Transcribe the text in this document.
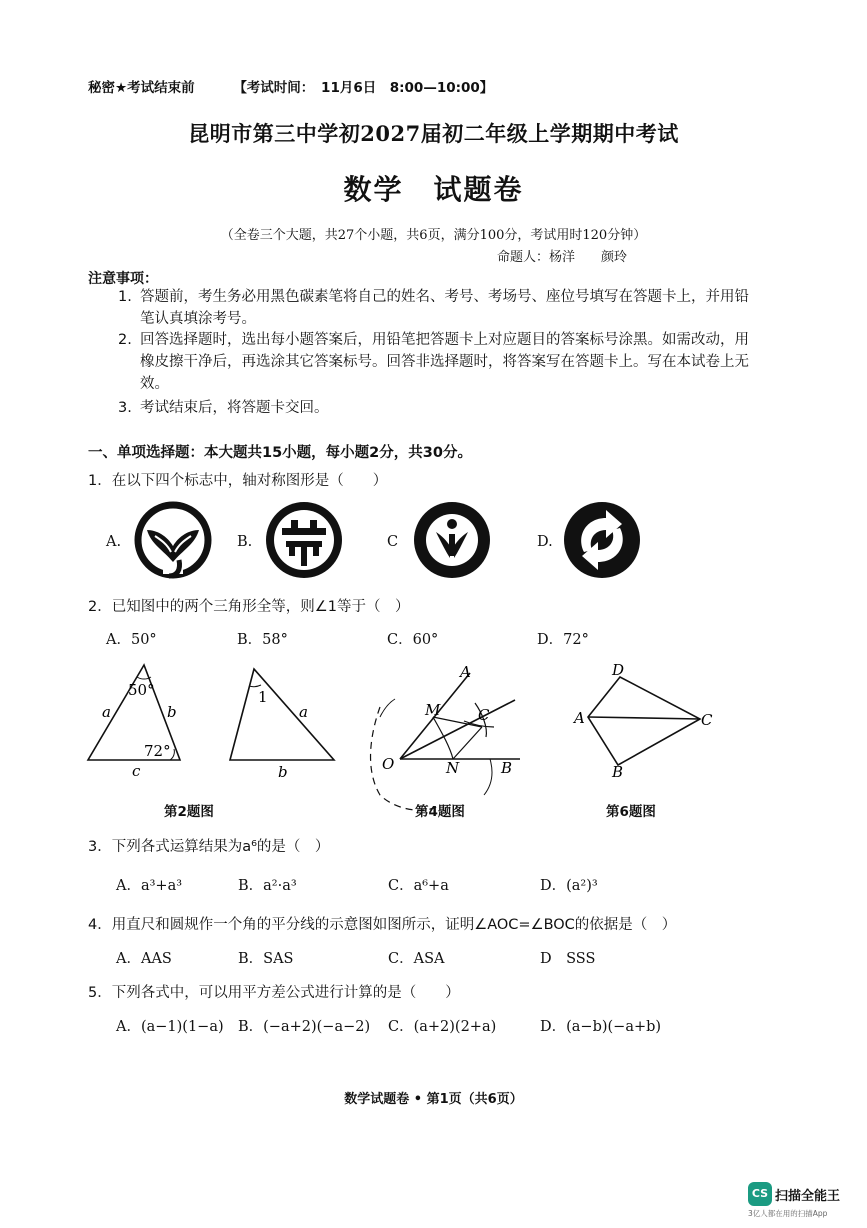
秘密★考试结束前	【考试时间：　11月6日　8:00—10:00】
昆明市第三中学初2027届初二年级上学期期中考试
数学　试题卷
（全卷三个大题，共27个小题，共6页，满分100分，考试用时120分钟）
命题人：杨洋　　颜玲
注意事项：
1. 答题前，考生务必用黑色碳素笔将自己的姓名、考号、考场号、座位号填写在答题卡上，并用铅
笔认真填涂考号。
2. 回答选择题时，选出每小题答案后，用铅笔把答题卡上对应题目的答案标号涂黑。如需改动，用
橡皮擦干净后，再选涂其它答案标号。回答非选择题时，将答案写在答题卡上。写在本试卷上无
效。
3. 考试结束后，将答题卡交回。
一、单项选择题：本大题共15小题，每小题2分，共30分。
1．在以下四个标志中，轴对称图形是（　　）
A.	B.	C	D.
2．已知图中的两个三角形全等，则∠1等于（　）
A．50°	B．58°	C．60°	D．72°
50°
72°
a	b
c
1
a
b
A
M	C
O	N	B
D
A	C
B
第2题图	第4题图	第6题图
3．下列各式运算结果为a⁶的是（　）
A．a³+a³	B．a²·a³	C．a⁶+a	D．(a²)³
4．用直尺和圆规作一个角的平分线的示意图如图所示，证明∠AOC=∠BOC的依据是（　）
A．AAS	B．SAS	C．ASA	D　SSS
5．下列各式中，可以用平方差公式进行计算的是（　　）
A．(a−1)(1−a) B．(−a+2)(−a−2) C．(a+2)(2+a)	D．(a−b)(−a+b)
数学试题卷 • 第1页（共6页）
CS 扫描全能王
3亿人都在用的扫描App
